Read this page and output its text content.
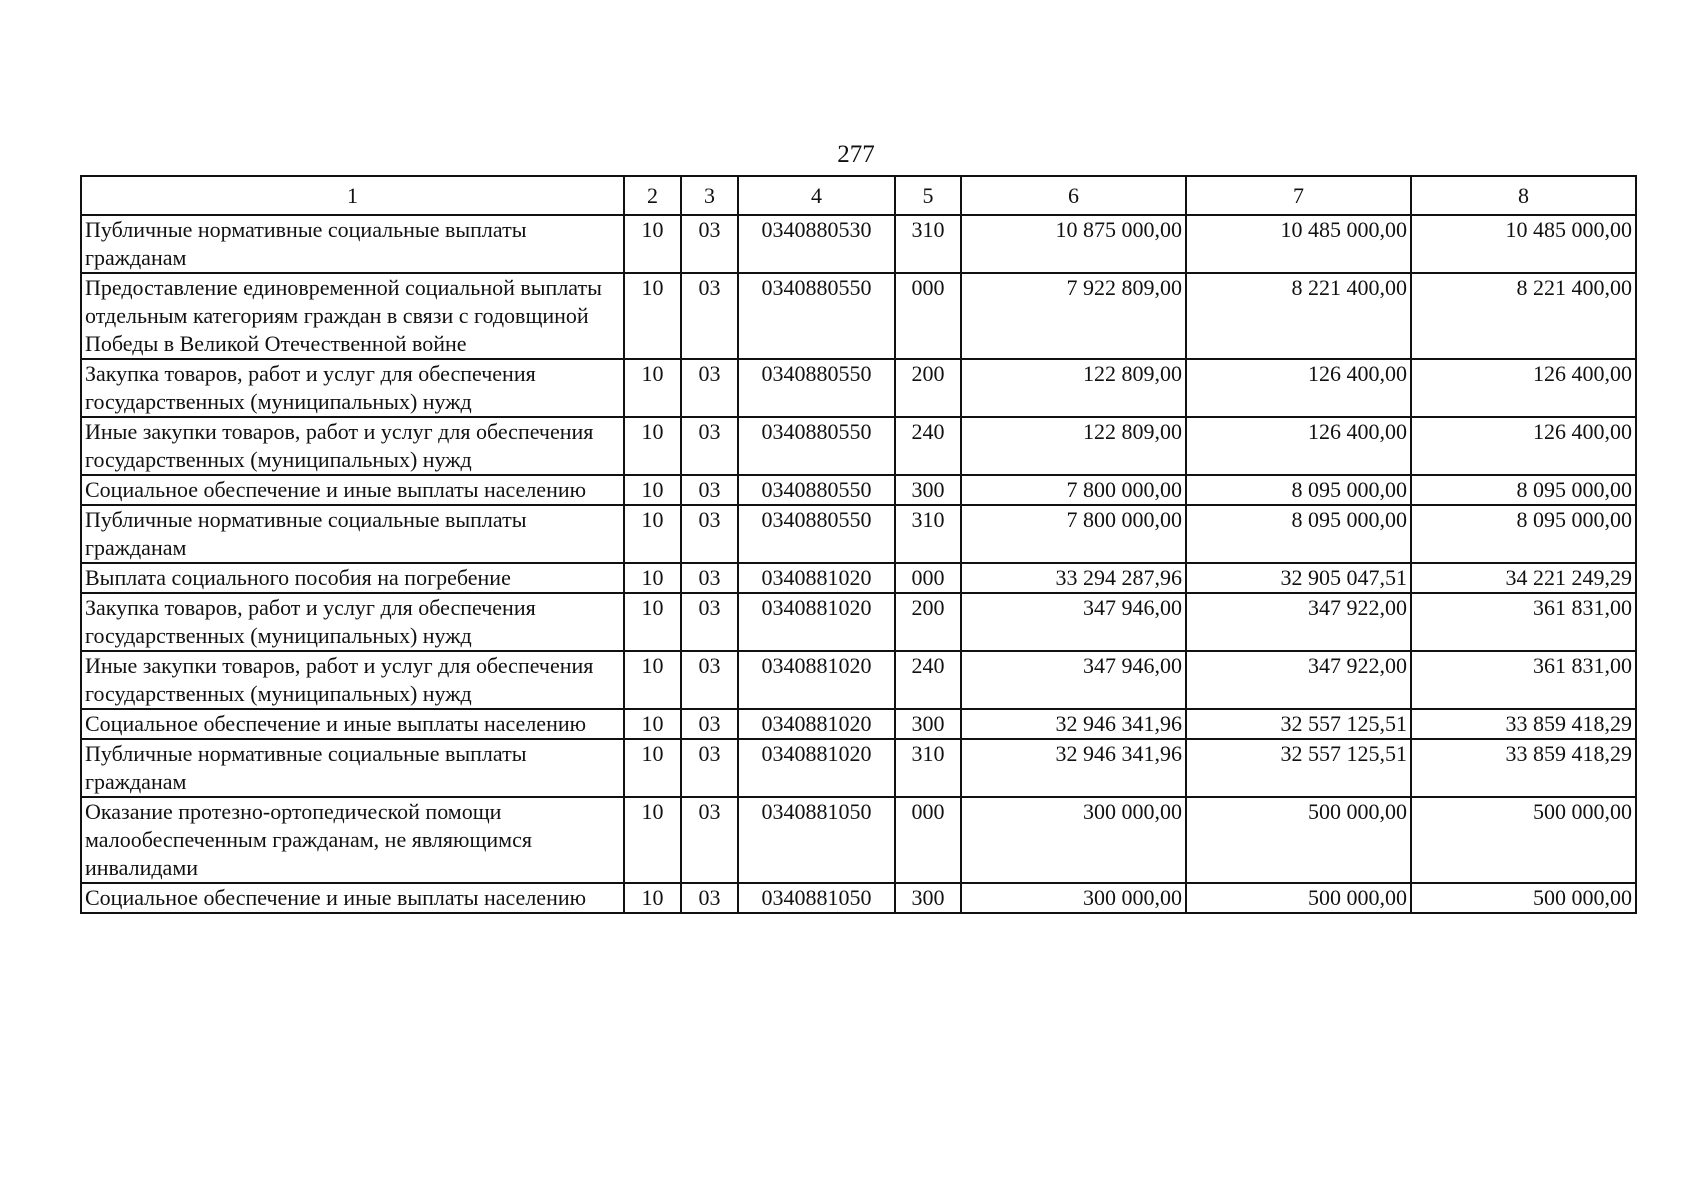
277
1	2	3	4	5	6	7	8
Публичные нормативные социальные выплаты гражданам	10	03	0340880530	310	10 875 000,00	10 485 000,00	10 485 000,00
Предоставление единовременной социальной выплаты отдельным категориям граждан в связи с годовщиной Победы в Великой Отечественной войне	10	03	0340880550	000	7 922 809,00	8 221 400,00	8 221 400,00
Закупка товаров, работ и услуг для обеспечения государственных (муниципальных) нужд	10	03	0340880550	200	122 809,00	126 400,00	126 400,00
Иные закупки товаров, работ и услуг для обеспечения государственных (муниципальных) нужд	10	03	0340880550	240	122 809,00	126 400,00	126 400,00
Социальное обеспечение и иные выплаты населению	10	03	0340880550	300	7 800 000,00	8 095 000,00	8 095 000,00
Публичные нормативные социальные выплаты гражданам	10	03	0340880550	310	7 800 000,00	8 095 000,00	8 095 000,00
Выплата социального пособия на погребение	10	03	0340881020	000	33 294 287,96	32 905 047,51	34 221 249,29
Закупка товаров, работ и услуг для обеспечения государственных (муниципальных) нужд	10	03	0340881020	200	347 946,00	347 922,00	361 831,00
Иные закупки товаров, работ и услуг для обеспечения государственных (муниципальных) нужд	10	03	0340881020	240	347 946,00	347 922,00	361 831,00
Социальное обеспечение и иные выплаты населению	10	03	0340881020	300	32 946 341,96	32 557 125,51	33 859 418,29
Публичные нормативные социальные выплаты гражданам	10	03	0340881020	310	32 946 341,96	32 557 125,51	33 859 418,29
Оказание протезно-ортопедической помощи малообеспеченным гражданам, не являющимся инвалидами	10	03	0340881050	000	300 000,00	500 000,00	500 000,00
Социальное обеспечение и иные выплаты населению	10	03	0340881050	300	300 000,00	500 000,00	500 000,00
